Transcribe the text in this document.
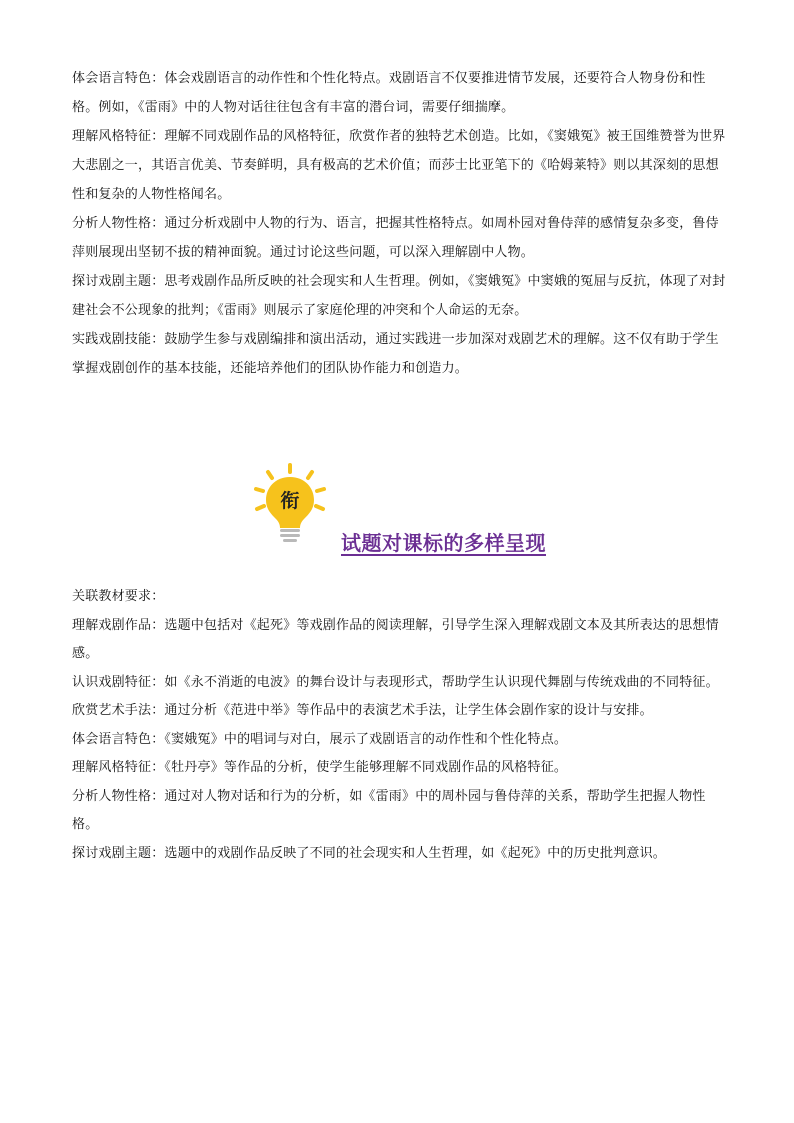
体会语言特色：体会戏剧语言的动作性和个性化特点。戏剧语言不仅要推进情节发展，还要符合人物身份和性格。例如，《雷雨》中的人物对话往往包含有丰富的潜台词，需要仔细揣摩。

理解风格特征：理解不同戏剧作品的风格特征，欣赏作者的独特艺术创造。比如，《窦娥冤》被王国维赞誉为世界大悲剧之一，其语言优美、节奏鲜明，具有极高的艺术价值；而莎士比亚笔下的《哈姆莱特》则以其深刻的思想性和复杂的人物性格闻名。

分析人物性格：通过分析戏剧中人物的行为、语言，把握其性格特点。如周朴园对鲁侍萍的感情复杂多变，鲁侍萍则展现出坚韧不拔的精神面貌。通过讨论这些问题，可以深入理解剧中人物。

探讨戏剧主题：思考戏剧作品所反映的社会现实和人生哲理。例如，《窦娥冤》中窦娥的冤屈与反抗，体现了对封建社会不公现象的批判；《雷雨》则展示了家庭伦理的冲突和个人命运的无奈。

实践戏剧技能：鼓励学生参与戏剧编排和演出活动，通过实践进一步加深对戏剧艺术的理解。这不仅有助于学生掌握戏剧创作的基本技能，还能培养他们的团队协作能力和创造力。

衔
试题对课标的多样呈现

关联教材要求：

理解戏剧作品：选题中包括对《起死》等戏剧作品的阅读理解，引导学生深入理解戏剧文本及其所表达的思想情感。

认识戏剧特征：如《永不消逝的电波》的舞台设计与表现形式，帮助学生认识现代舞剧与传统戏曲的不同特征。

欣赏艺术手法：通过分析《范进中举》等作品中的表演艺术手法，让学生体会剧作家的设计与安排。

体会语言特色：《窦娥冤》中的唱词与对白，展示了戏剧语言的动作性和个性化特点。

理解风格特征：《牡丹亭》等作品的分析，使学生能够理解不同戏剧作品的风格特征。

分析人物性格：通过对人物对话和行为的分析，如《雷雨》中的周朴园与鲁侍萍的关系，帮助学生把握人物性格。

探讨戏剧主题：选题中的戏剧作品反映了不同的社会现实和人生哲理，如《起死》中的历史批判意识。
